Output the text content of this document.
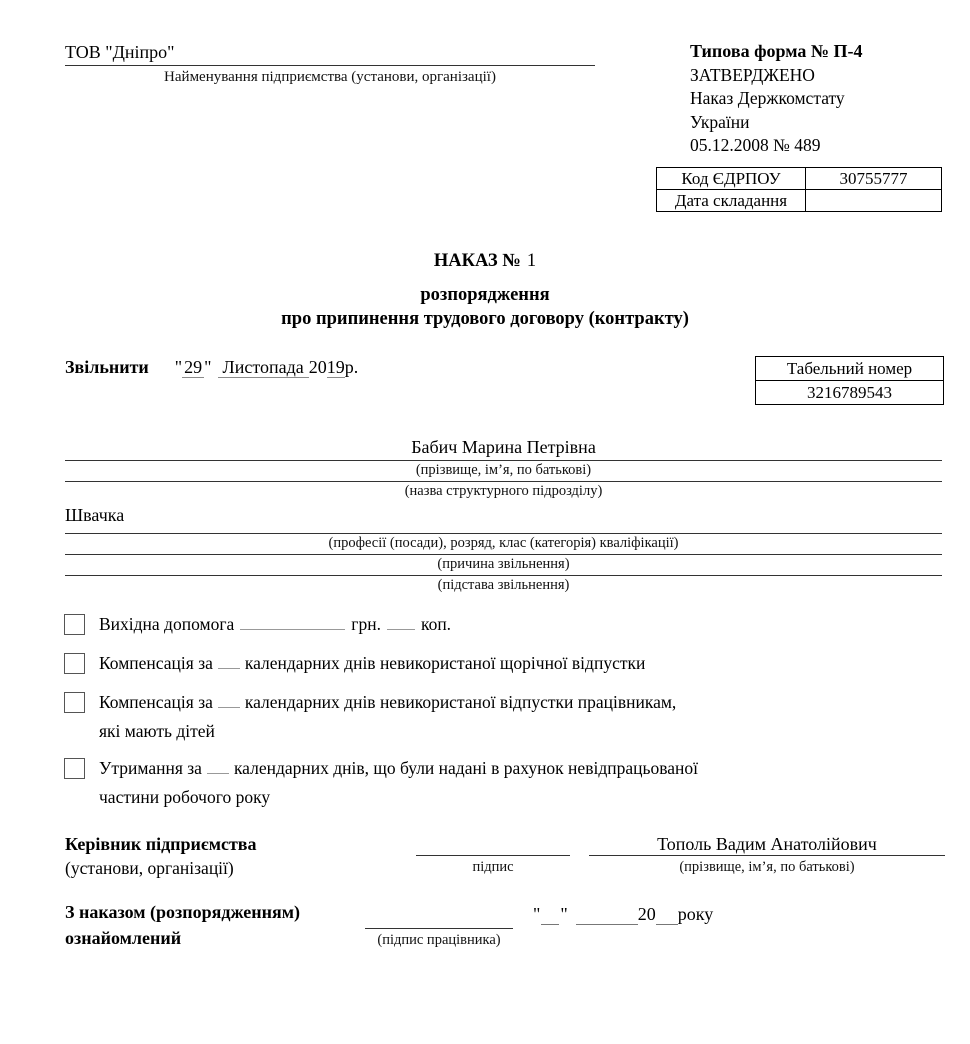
ТОВ "Дніпро"
Найменування підприємства (установи, організації)
Типова форма № П-4
ЗАТВЕРДЖЕНО
Наказ Держкомстату
України
05.12.2008 № 489
Код ЄДРПОУ	30755777
Дата складання	
НАКАЗ № 1
розпорядження
про припинення трудового договору (контракту)
Звільнити " 29 " Листопада 2019р.	Табельний номер
3216789543
Бабич Марина Петрівна
(прізвище, ім’я, по батькові)
(назва структурного підрозділу)
Швачка
(професії (посади), розряд, клас (категорія) кваліфікації)
(причина звільнення)
(підстава звільнення)
Вихідна допомога	грн. коп.
Компенсація за календарних днів невикористаної щорічної відпустки
Компенсація за календарних днів невикористаної відпустки працівникам,
які мають дітей
Утримання за календарних днів, що були надані в рахунок невідпрацьованої
частини робочого року
Керівник підприємства
(установи, організації)	підпис
Тополь Вадим Анатолійович
(прізвище, ім’я, по батькові)
З наказом (розпорядженням)
ознайомлений	(підпис працівника)
" "	20 року
